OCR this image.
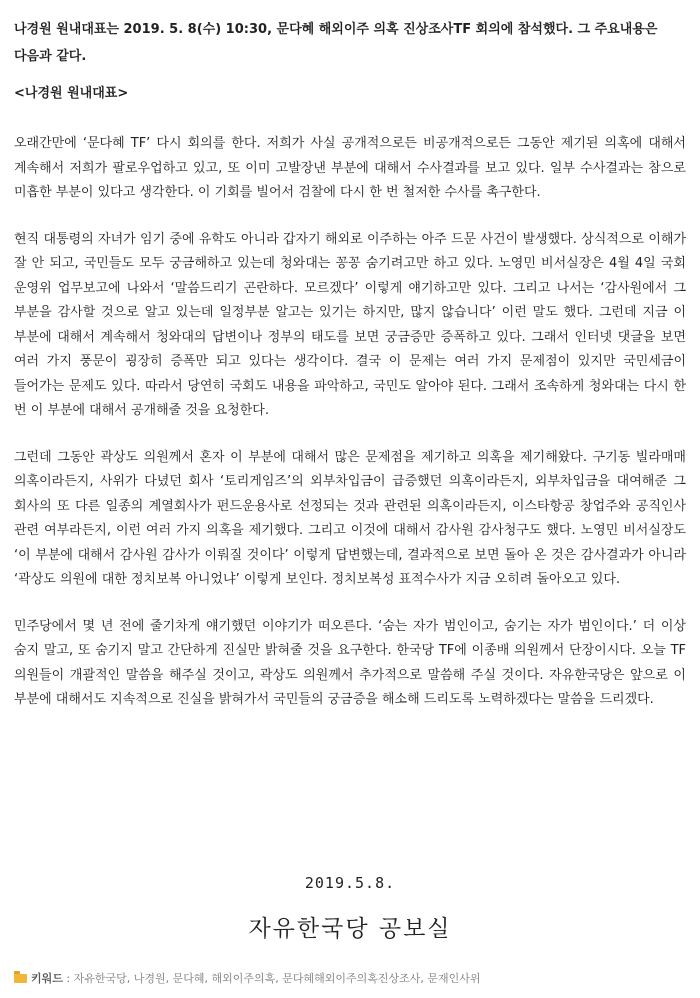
나경원 원내대표는 2019. 5. 8(수) 10:30, 문다혜 해외이주 의혹 진상조사TF 회의에 참석했다. 그 주요내용은 다음과 같다.
<나경원 원내대표>
오래간만에 ‘문다혜 TF’ 다시 회의를 한다. 저희가 사실 공개적으로든 비공개적으로든 그동안 제기된 의혹에 대해서 계속해서 저희가 팔로우업하고 있고, 또 이미 고발장낸 부분에 대해서 수사결과를 보고 있다. 일부 수사결과는 참으로 미흡한 부분이 있다고 생각한다. 이 기회를 빌어서 검찰에 다시 한 번 철저한 수사를 촉구한다.
현직 대통령의 자녀가 임기 중에 유학도 아니라 갑자기 해외로 이주하는 아주 드문 사건이 발생했다. 상식적으로 이해가 잘 안 되고, 국민들도 모두 궁금해하고 있는데 청와대는 꽁꽁 숨기려고만 하고 있다. 노영민 비서실장은 4월 4일 국회 운영위 업무보고에 나와서 ‘말씀드리기 곤란하다. 모르겠다’ 이렇게 얘기하고만 있다. 그리고 나서는 ‘감사원에서 그 부분을 감사할 것으로 알고 있는데 일정부분 알고는 있기는 하지만, 많지 않습니다’ 이런 말도 했다. 그런데 지금 이 부분에 대해서 계속해서 청와대의 답변이나 정부의 태도를 보면 궁금증만 증폭하고 있다. 그래서 인터넷 댓글을 보면 여러 가지 풍문이 굉장히 증폭만 되고 있다는 생각이다. 결국 이 문제는 여러 가지 문제점이 있지만 국민세금이 들어가는 문제도 있다. 따라서 당연히 국회도 내용을 파악하고, 국민도 알아야 된다. 그래서 조속하게 청와대는 다시 한 번 이 부분에 대해서 공개해줄 것을 요청한다.
그런데 그동안 곽상도 의원께서 혼자 이 부분에 대해서 많은 문제점을 제기하고 의혹을 제기해왔다. 구기동 빌라매매 의혹이라든지, 사위가 다녔던 회사 ‘토리게임즈’의 외부차입금이 급증했던 의혹이라든지, 외부차입금을 대여해준 그 회사의 또 다른 일종의 계열회사가 펀드운용사로 선정되는 것과 관련된 의혹이라든지, 이스타항공 창업주와 공직인사 관련 여부라든지, 이런 여러 가지 의혹을 제기했다. 그리고 이것에 대해서 감사원 감사청구도 했다. 노영민 비서실장도 ‘이 부분에 대해서 감사원 감사가 이뤄질 것이다’ 이렇게 답변했는데, 결과적으로 보면 돌아 온 것은 감사결과가 아니라 ‘곽상도 의원에 대한 정치보복 아니었냐’ 이렇게 보인다. 정치보복성 표적수사가 지금 오히려 돌아오고 있다.
민주당에서 몇 년 전에 줄기차게 얘기했던 이야기가 떠오른다. ‘숨는 자가 범인이고, 숨기는 자가 범인이다.’ 더 이상 숨지 말고, 또 숨기지 말고 간단하게 진실만 밝혀줄 것을 요구한다. 한국당 TF에 이종배 의원께서 단장이시다. 오늘 TF 의원들이 개괄적인 말씀을 해주실 것이고, 곽상도 의원께서 추가적으로 말씀해 주실 것이다. 자유한국당은 앞으로 이 부분에 대해서도 지속적으로 진실을 밝혀가서 국민들의 궁금증을 해소해 드리도록 노력하겠다는 말씀을 드리겠다.
2019.5.8.
자유한국당 공보실
키워드 : 자유한국당, 나경원, 문다혜, 해외이주의혹, 문다혜해외이주의혹진상조사, 문재인사위
